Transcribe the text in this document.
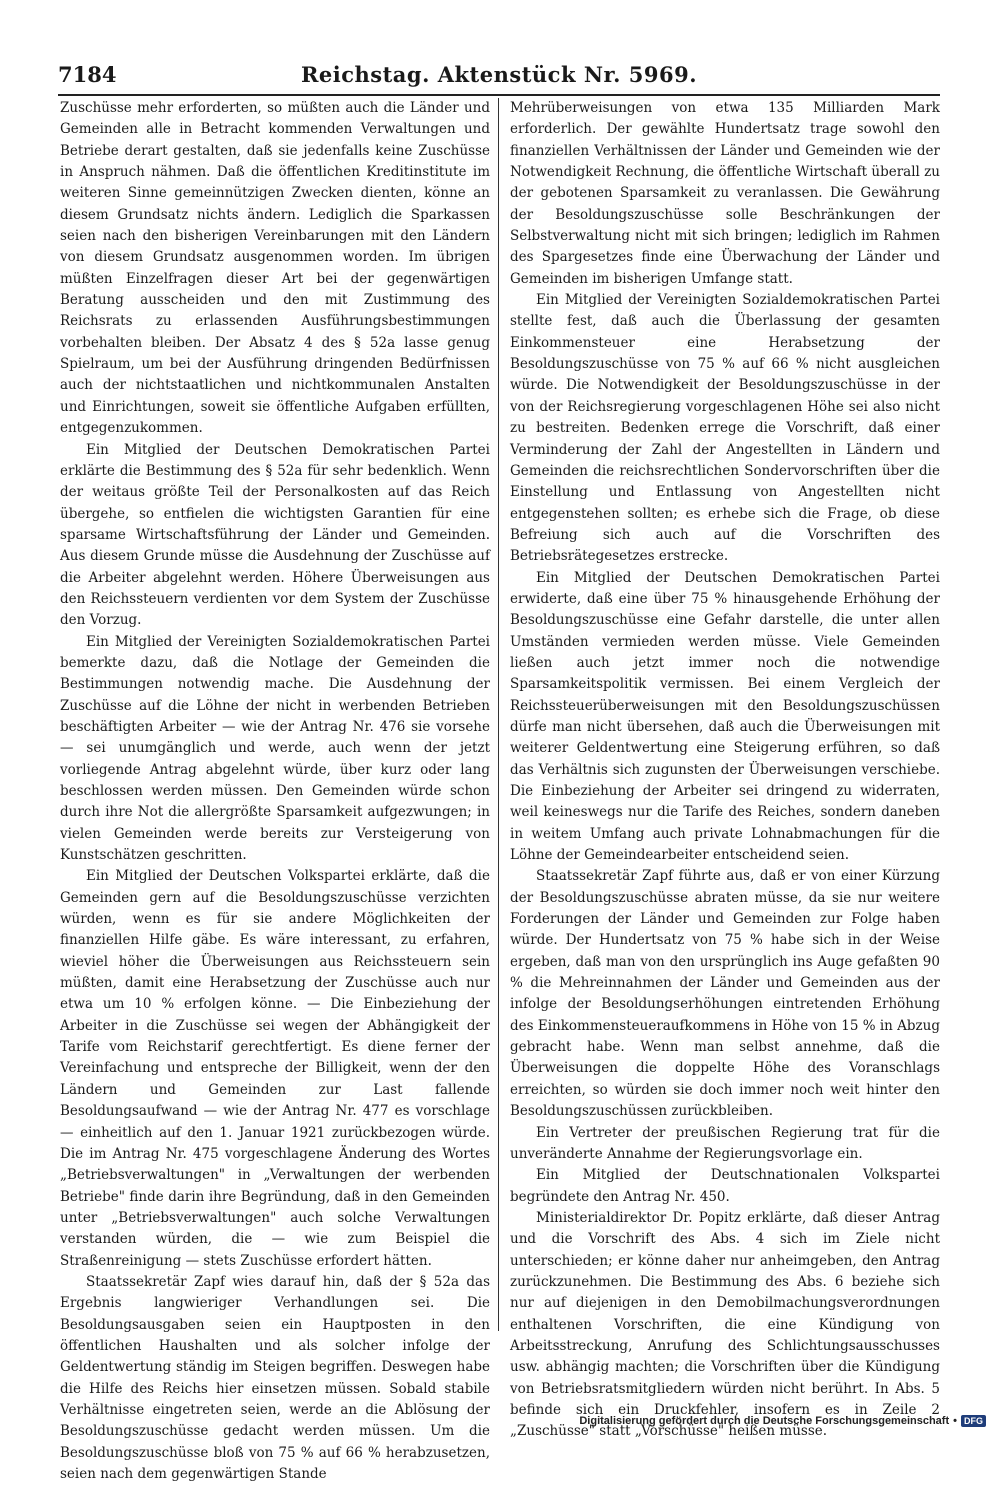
7184	Reichstag. Aktenstück Nr. 5969.

Zuschüsse mehr erforderten, so müßten auch die Länder und Gemeinden alle in Betracht kommenden Verwaltungen und Betriebe derart gestalten, daß sie jedenfalls keine Zuschüsse in Anspruch nähmen. Daß die öffentlichen Kreditinstitute im weiteren Sinne gemeinnützigen Zwecken dienten, könne an diesem Grundsatz nichts ändern. Lediglich die Sparkassen seien nach den bisherigen Vereinbarungen mit den Ländern von diesem Grundsatz ausgenommen worden. Im übrigen müßten Einzelfragen dieser Art bei der gegenwärtigen Beratung ausscheiden und den mit Zustimmung des Reichsrats zu erlassenden Ausführungsbestimmungen vorbehalten bleiben. Der Absatz 4 des § 52a lasse genug Spielraum, um bei der Ausführung dringenden Bedürfnissen auch der nichtstaatlichen und nichtkommunalen Anstalten und Einrichtungen, soweit sie öffentliche Aufgaben erfüllten, entgegenzukommen.

Ein Mitglied der Deutschen Demokratischen Partei erklärte die Bestimmung des § 52a für sehr bedenklich. Wenn der weitaus größte Teil der Personalkosten auf das Reich übergehe, so entfielen die wichtigsten Garantien für eine sparsame Wirtschaftsführung der Länder und Gemeinden. Aus diesem Grunde müsse die Ausdehnung der Zuschüsse auf die Arbeiter abgelehnt werden. Höhere Überweisungen aus den Reichssteuern verdienten vor dem System der Zuschüsse den Vorzug.

Ein Mitglied der Vereinigten Sozialdemokratischen Partei bemerkte dazu, daß die Notlage der Gemeinden die Bestimmungen notwendig mache. Die Ausdehnung der Zuschüsse auf die Löhne der nicht in werbenden Betrieben beschäftigten Arbeiter — wie der Antrag Nr. 476 sie vorsehe — sei unumgänglich und werde, auch wenn der jetzt vorliegende Antrag abgelehnt würde, über kurz oder lang beschlossen werden müssen. Den Gemeinden würde schon durch ihre Not die allergrößte Sparsamkeit aufgezwungen; in vielen Gemeinden werde bereits zur Versteigerung von Kunstschätzen geschritten.

Ein Mitglied der Deutschen Volkspartei erklärte, daß die Gemeinden gern auf die Besoldungszuschüsse verzichten würden, wenn es für sie andere Möglichkeiten der finanziellen Hilfe gäbe. Es wäre interessant, zu erfahren, wieviel höher die Überweisungen aus Reichssteuern sein müßten, damit eine Herabsetzung der Zuschüsse auch nur etwa um 10 % erfolgen könne. — Die Einbeziehung der Arbeiter in die Zuschüsse sei wegen der Abhängigkeit der Tarife vom Reichstarif gerechtfertigt. Es diene ferner der Vereinfachung und entspreche der Billigkeit, wenn der den Ländern und Gemeinden zur Last fallende Besoldungsaufwand — wie der Antrag Nr. 477 es vorschlage — einheitlich auf den 1. Januar 1921 zurückbezogen würde. Die im Antrag Nr. 475 vorgeschlagene Änderung des Wortes „Betriebsverwaltungen" in „Verwaltungen der werbenden Betriebe" finde darin ihre Begründung, daß in den Gemeinden unter „Betriebsverwaltungen" auch solche Verwaltungen verstanden würden, die — wie zum Beispiel die Straßenreinigung — stets Zuschüsse erfordert hätten.

Staatssekretär Zapf wies darauf hin, daß der § 52a das Ergebnis langwieriger Verhandlungen sei. Die Besoldungsausgaben seien ein Hauptposten in den öffentlichen Haushalten und als solcher infolge der Geldentwertung ständig im Steigen begriffen. Deswegen habe die Hilfe des Reichs hier einsetzen müssen. Sobald stabile Verhältnisse eingetreten seien, werde an die Ablösung der Besoldungszuschüsse gedacht werden müssen. Um die Besoldungszuschüsse bloß von 75 % auf 66 % herabzusetzen, seien nach dem gegenwärtigen Stande

Mehrüberweisungen von etwa 135 Milliarden Mark erforderlich. Der gewählte Hundertsatz trage sowohl den finanziellen Verhältnissen der Länder und Gemeinden wie der Notwendigkeit Rechnung, die öffentliche Wirtschaft überall zu der gebotenen Sparsamkeit zu veranlassen. Die Gewährung der Besoldungszuschüsse solle Beschränkungen der Selbstverwaltung nicht mit sich bringen; lediglich im Rahmen des Spargesetzes finde eine Überwachung der Länder und Gemeinden im bisherigen Umfange statt.

Ein Mitglied der Vereinigten Sozialdemokratischen Partei stellte fest, daß auch die Überlassung der gesamten Einkommensteuer eine Herabsetzung der Besoldungszuschüsse von 75 % auf 66 % nicht ausgleichen würde. Die Notwendigkeit der Besoldungszuschüsse in der von der Reichsregierung vorgeschlagenen Höhe sei also nicht zu bestreiten. Bedenken errege die Vorschrift, daß einer Verminderung der Zahl der Angestellten in Ländern und Gemeinden die reichsrechtlichen Sondervorschriften über die Einstellung und Entlassung von Angestellten nicht entgegenstehen sollten; es erhebe sich die Frage, ob diese Befreiung sich auch auf die Vorschriften des Betriebsrätegesetzes erstrecke.

Ein Mitglied der Deutschen Demokratischen Partei erwiderte, daß eine über 75 % hinausgehende Erhöhung der Besoldungszuschüsse eine Gefahr darstelle, die unter allen Umständen vermieden werden müsse. Viele Gemeinden ließen auch jetzt immer noch die notwendige Sparsamkeitspolitik vermissen. Bei einem Vergleich der Reichssteuerüberweisungen mit den Besoldungszuschüssen dürfe man nicht übersehen, daß auch die Überweisungen mit weiterer Geldentwertung eine Steigerung erführen, so daß das Verhältnis sich zugunsten der Überweisungen verschiebe. Die Einbeziehung der Arbeiter sei dringend zu widerraten, weil keineswegs nur die Tarife des Reiches, sondern daneben in weitem Umfang auch private Lohnabmachungen für die Löhne der Gemeindearbeiter entscheidend seien.

Staatssekretär Zapf führte aus, daß er von einer Kürzung der Besoldungszuschüsse abraten müsse, da sie nur weitere Forderungen der Länder und Gemeinden zur Folge haben würde. Der Hundertsatz von 75 % habe sich in der Weise ergeben, daß man von den ursprünglich ins Auge gefaßten 90 % die Mehreinnahmen der Länder und Gemeinden aus der infolge der Besoldungserhöhungen eintretenden Erhöhung des Einkommensteueraufkommens in Höhe von 15 % in Abzug gebracht habe. Wenn man selbst annehme, daß die Überweisungen die doppelte Höhe des Voranschlags erreichten, so würden sie doch immer noch weit hinter den Besoldungszuschüssen zurückbleiben.

Ein Vertreter der preußischen Regierung trat für die unveränderte Annahme der Regierungsvorlage ein.

Ein Mitglied der Deutschnationalen Volkspartei begründete den Antrag Nr. 450.

Ministerialdirektor Dr. Popitz erklärte, daß dieser Antrag und die Vorschrift des Abs. 4 sich im Ziele nicht unterschieden; er könne daher nur anheimgeben, den Antrag zurückzunehmen. Die Bestimmung des Abs. 6 beziehe sich nur auf diejenigen in den Demobilmachungsverordnungen enthaltenen Vorschriften, die eine Kündigung von Arbeitsstreckung, Anrufung des Schlichtungsausschusses usw. abhängig machten; die Vorschriften über die Kündigung von Betriebsratsmitgliedern würden nicht berührt. In Abs. 5 befinde sich ein Druckfehler, insofern es in Zeile 2 „Zuschüsse" statt „Vorschüsse" heißen müsse.

Digitalisierung gefördert durch die Deutsche Forschungsgemeinschaft • DFG
